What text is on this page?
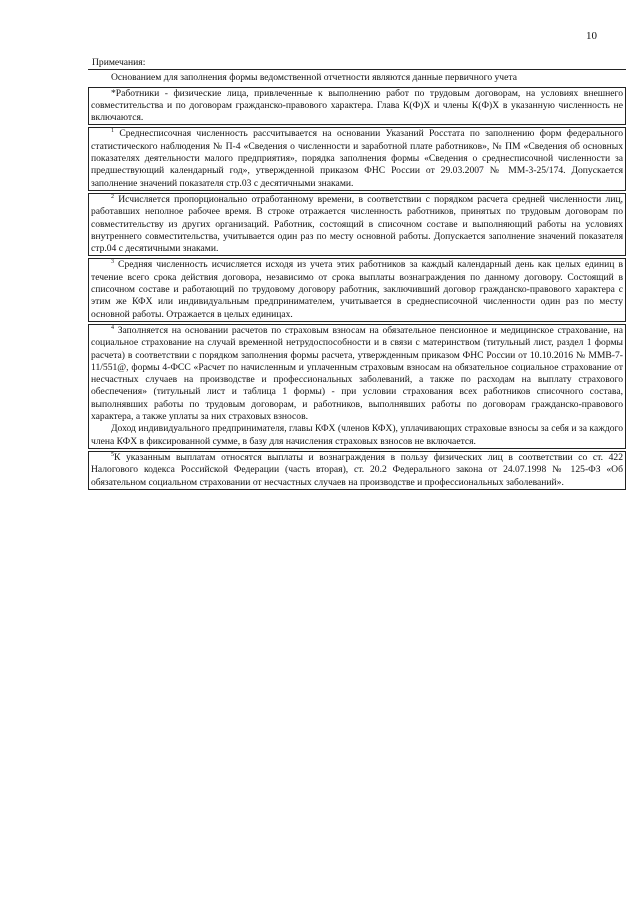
10
Примечания:
Основанием для заполнения формы ведомственной отчетности являются данные первичного учета
*Работники - физические лица, привлеченные к выполнению работ по трудовым договорам, на условиях внешнего совместительства и по договорам гражданско-правового характера. Глава К(Ф)Х и члены К(Ф)Х в указанную численность не включаются.
$^1$ Среднесписочная численность рассчитывается на основании Указаний Росстата по заполнению форм федерального статистического наблюдения № П-4 «Сведения о численности и заработной плате работников», № ПМ «Сведения об основных показателях деятельности малого предприятия», порядка заполнения формы «Сведения о среднесписочной численности за предшествующий календарный год», утвержденной приказом ФНС России от 29.03.2007 № ММ-3-25/174. Допускается заполнение значений показателя стр.03 с десятичными знаками.
$^2$ Исчисляется пропорционально отработанному времени, в соответствии с порядком расчета средней численности лиц, работавших неполное рабочее время. В строке отражается численность работников, принятых по трудовым договорам по совместительству из других организаций. Работник, состоящий в списочном составе и выполняющий работы на условиях внутреннего совместительства, учитывается один раз по месту основной работы. Допускается заполнение значений показателя стр.04 с десятичными знаками.
$^3$ Средняя численность исчисляется исходя из учета этих работников за каждый календарный день как целых единиц в течение всего срока действия договора, независимо от срока выплаты вознаграждения по данному договору. Состоящий в списочном составе и работающий по трудовому договору работник, заключивший договор гражданско-правового характера с этим же КФХ или индивидуальным предпринимателем, учитывается в среднесписочной численности один раз по месту основной работы. Отражается в целых единицах.
$^4$ Заполняется на основании расчетов по страховым взносам на обязательное пенсионное и медицинское страхование, на социальное страхование на случай временной нетрудоспособности и в связи с материнством (титульный лист, раздел 1 формы расчета) в соответствии с порядком заполнения формы расчета, утвержденным приказом ФНС России от 10.10.2016 № ММВ-7-11/551@, формы 4-ФСС «Расчет по начисленным и уплаченным страховым взносам на обязательное социальное страхование от несчастных случаев на производстве и профессиональных заболеваний, а также по расходам на выплату страхового обеспечения» (титульный лист и таблица 1 формы) - при условии страхования всех работников списочного состава, выполнявших работы по трудовым договорам, и работников, выполнявших работы по договорам гражданско-правового характера, а также уплаты за них страховых взносов.
Доход индивидуального предпринимателя, главы КФХ (членов КФХ), уплачивающих страховые взносы за себя и за каждого члена КФХ в фиксированной сумме, в базу для начисления страховых взносов не включается.
$^5$К указанным выплатам относятся выплаты и вознаграждения в пользу физических лиц в соответствии со ст. 422 Налогового кодекса Российской Федерации (часть вторая), ст. 20.2 Федерального закона от 24.07.1998 № 125-ФЗ «Об обязательном социальном страховании от несчастных случаев на производстве и профессиональных заболеваний».
